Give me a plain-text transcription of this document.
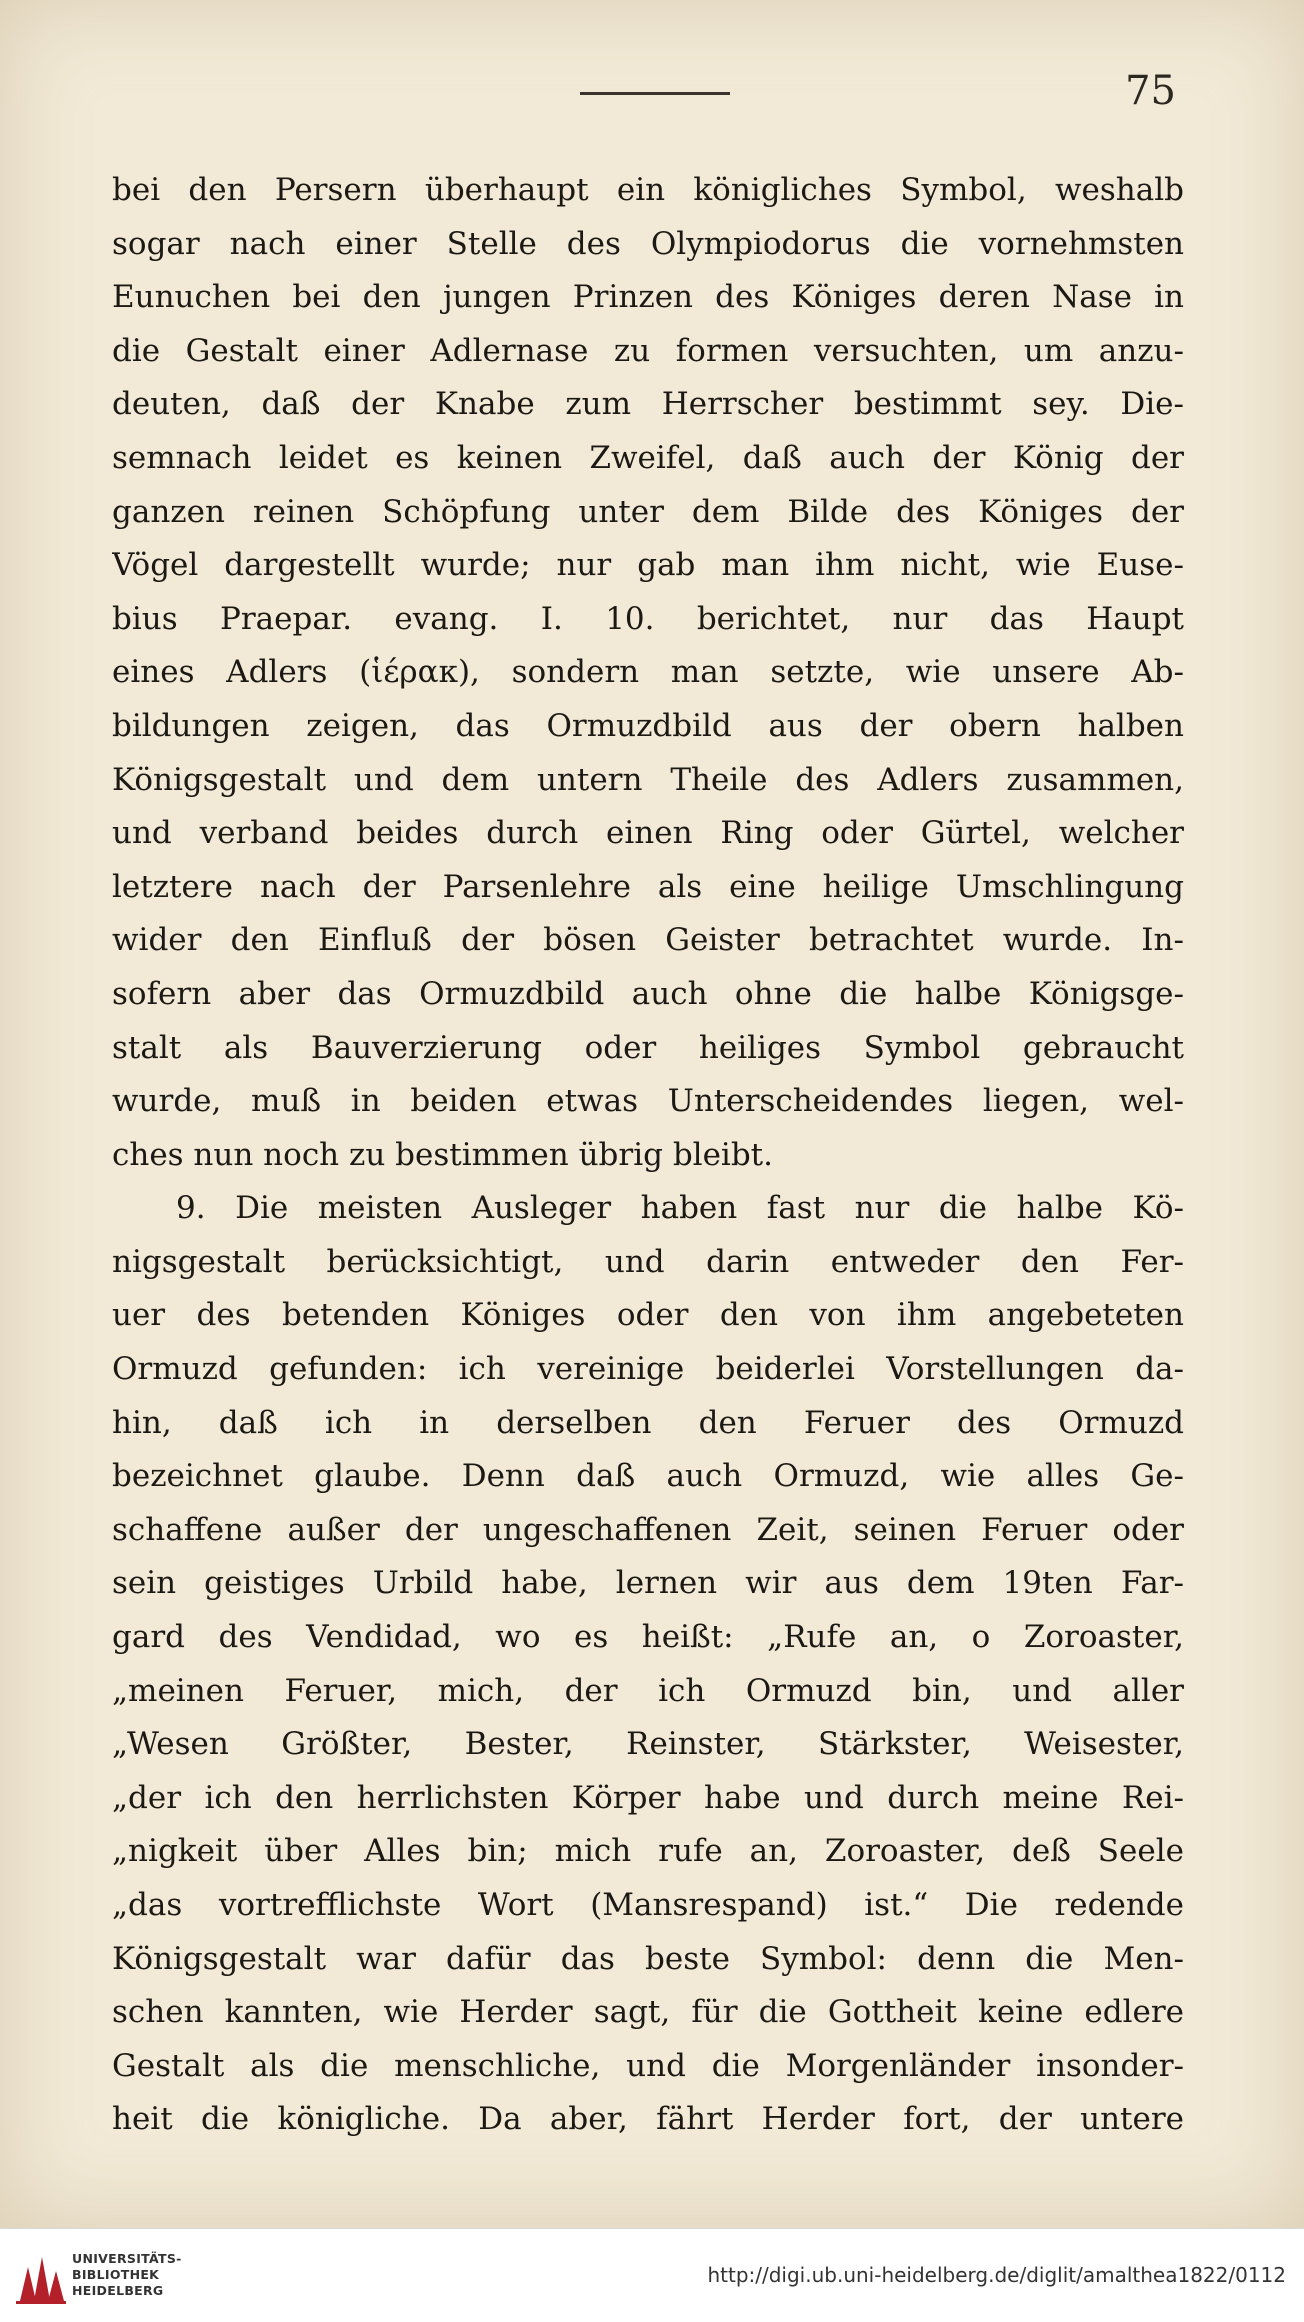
75
bei den Persern überhaupt ein königliches Symbol, weshalb
sogar nach einer Stelle des Olympiodorus die vornehmsten
Eunuchen bei den jungen Prinzen des Königes deren Nase in
die Gestalt einer Adlernase zu formen versuchten, um anzu-
deuten, daß der Knabe zum Herrscher bestimmt sey. Die-
semnach leidet es keinen Zweifel, daß auch der König der
ganzen reinen Schöpfung unter dem Bilde des Königes der
Vögel dargestellt wurde; nur gab man ihm nicht, wie Euse-
bius Praepar. evang. I. 10. berichtet, nur das Haupt
eines Adlers (ἱέρακ), sondern man setzte, wie unsere Ab-
bildungen zeigen, das Ormuzdbild aus der obern halben
Königsgestalt und dem untern Theile des Adlers zusammen,
und verband beides durch einen Ring oder Gürtel, welcher
letztere nach der Parsenlehre als eine heilige Umschlingung
wider den Einfluß der bösen Geister betrachtet wurde. In-
sofern aber das Ormuzdbild auch ohne die halbe Königsge-
stalt als Bauverzierung oder heiliges Symbol gebraucht
wurde, muß in beiden etwas Unterscheidendes liegen, wel-
ches nun noch zu bestimmen übrig bleibt.
9. Die meisten Ausleger haben fast nur die halbe Kö-
nigsgestalt berücksichtigt, und darin entweder den Fer-
uer des betenden Königes oder den von ihm angebeteten
Ormuzd gefunden: ich vereinige beiderlei Vorstellungen da-
hin, daß ich in derselben den Feruer des Ormuzd
bezeichnet glaube. Denn daß auch Ormuzd, wie alles Ge-
schaffene außer der ungeschaffenen Zeit, seinen Feruer oder
sein geistiges Urbild habe, lernen wir aus dem 19ten Far-
gard des Vendidad, wo es heißt: „Rufe an, o Zoroaster,
„meinen Feruer, mich, der ich Ormuzd bin, und aller
„Wesen Größter, Bester, Reinster, Stärkster, Weisester,
„der ich den herrlichsten Körper habe und durch meine Rei-
„nigkeit über Alles bin; mich rufe an, Zoroaster, deß Seele
„das vortrefflichste Wort (Mansrespand) ist.“ Die redende
Königsgestalt war dafür das beste Symbol: denn die Men-
schen kannten, wie Herder sagt, für die Gottheit keine edlere
Gestalt als die menschliche, und die Morgenländer insonder-
heit die königliche. Da aber, fährt Herder fort, der untere
UNIVERSITÄTS-
BIBLIOTHEK
HEIDELBERG
http://digi.ub.uni-heidelberg.de/diglit/amalthea1822/0112
